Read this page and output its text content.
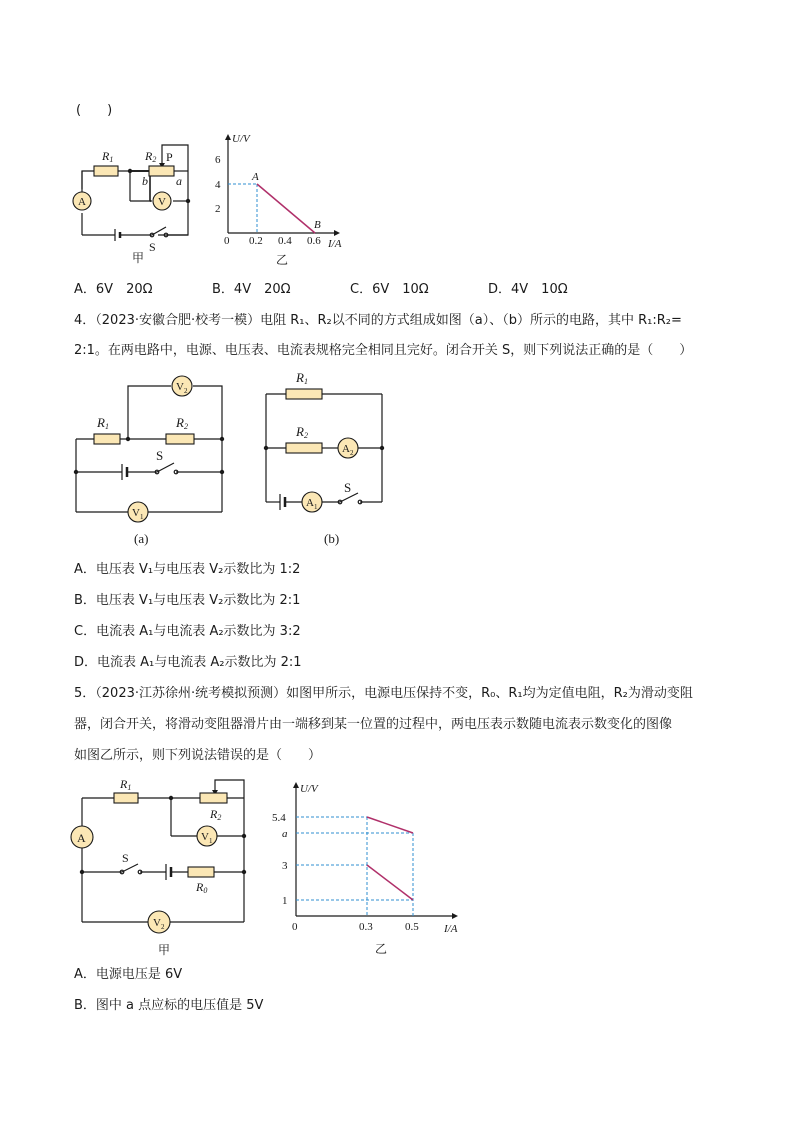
(　　)
R1	R2 P
b a
A	V
S
甲
U/V
I/A
6
4
2
0 0.2 0.4 0.6
A
B
乙
A．6V　20Ω	B．4V　20Ω	C．6V　10Ω	D．4V　10Ω
4．（2023·安徽合肥·校考一模）电阻 R₁、R₂以不同的方式组成如图（a）、（b）所示的电路，其中 R₁:R₂=
2:1。在两电路中，电源、电压表、电流表规格完全相同且完好。闭合开关 S，则下列说法正确的是（　　）
R1	R2
$V_2$
$V_1$
S
(a)
R1
R2
$A_2$
$A_1$
S
(b)
A．电压表 V₁与电压表 V₂示数比为 1:2
B．电压表 V₁与电压表 V₂示数比为 2:1
C．电流表 A₁与电流表 A₂示数比为 3:2
D．电流表 A₁与电流表 A₂示数比为 2:1
5．（2023·江苏徐州·统考模拟预测）如图甲所示，电源电压保持不变，R₀、R₁均为定值电阻，R₂为滑动变阻
器，闭合开关，将滑动变阻器滑片由一端移到某一位置的过程中，两电压表示数随电流表示数变化的图像
如图乙所示，则下列说法错误的是（　　）
R1
R2
R0
A	$V_1$
$V_2$
S
甲
U/V
I/A
5.4
a
3
1
0	0.3	0.5
乙
A．电源电压是 6V
B．图中 a 点应标的电压值是 5V
